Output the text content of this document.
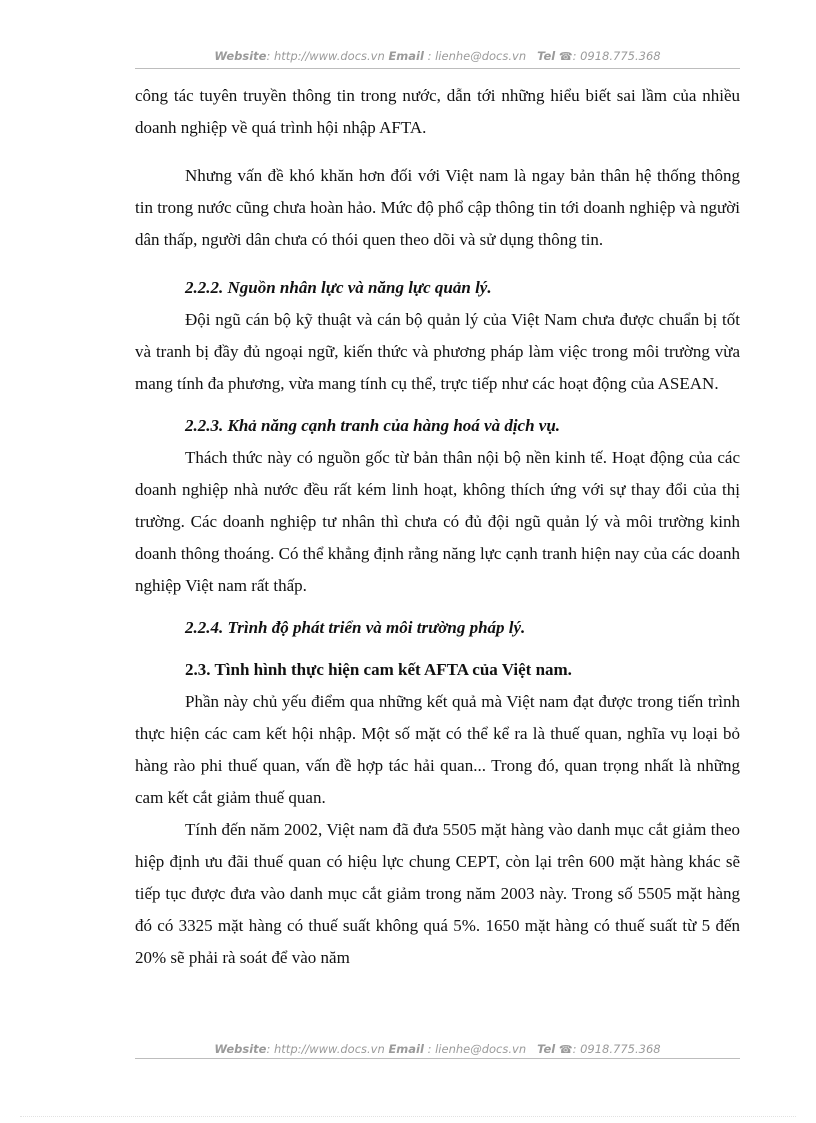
Website: http://www.docs.vn Email : lienhe@docs.vn Tel ☎: 0918.775.368

công tác tuyên truyền thông tin trong nước, dẫn tới những hiểu biết sai lầm của nhiều doanh nghiệp về quá trình hội nhập AFTA.

Nhưng vấn đề khó khăn hơn đối với Việt nam là ngay bản thân hệ thống thông tin trong nước cũng chưa hoàn hảo. Mức độ phổ cập thông tin tới doanh nghiệp và người dân thấp, người dân chưa có thói quen theo dõi và sử dụng thông tin.

2.2.2. Nguồn nhân lực và năng lực quản lý.

Đội ngũ cán bộ kỹ thuật và cán bộ quản lý của Việt Nam chưa được chuẩn bị tốt và tranh bị đầy đủ ngoại ngữ, kiến thức và phương pháp làm việc trong môi trường vừa mang tính đa phương, vừa mang tính cụ thể, trực tiếp như các hoạt động của ASEAN.

2.2.3. Khả năng cạnh tranh của hàng hoá và dịch vụ.

Thách thức này có nguồn gốc từ bản thân nội bộ nền kinh tế. Hoạt động của các doanh nghiệp nhà nước đều rất kém linh hoạt, không thích ứng với sự thay đổi của thị trường. Các doanh nghiệp tư nhân thì chưa có đủ đội ngũ quản lý và môi trường kinh doanh thông thoáng. Có thể khẳng định rằng năng lực cạnh tranh hiện nay của các doanh nghiệp Việt nam rất thấp.

2.2.4. Trình độ phát triển và môi trường pháp lý.
2.3. Tình hình thực hiện cam kết AFTA của Việt nam.

Phần này chủ yếu điểm qua những kết quả mà Việt nam đạt được trong tiến trình thực hiện các cam kết hội nhập. Một số mặt có thể kể ra là thuế quan, nghĩa vụ loại bỏ hàng rào phi thuế quan, vấn đề hợp tác hải quan... Trong đó, quan trọng nhất là những cam kết cắt giảm thuế quan.

Tính đến năm 2002, Việt nam đã đưa 5505 mặt hàng vào danh mục cắt giảm theo hiệp định ưu đãi thuế quan có hiệu lực chung CEPT, còn lại trên 600 mặt hàng khác sẽ tiếp tục được đưa vào danh mục cắt giảm trong năm 2003 này. Trong số 5505 mặt hàng đó có 3325 mặt hàng có thuế suất không quá 5%. 1650 mặt hàng có thuế suất từ 5 đến 20% sẽ phải rà soát để vào năm

Website: http://www.docs.vn Email : lienhe@docs.vn Tel ☎: 0918.775.368
